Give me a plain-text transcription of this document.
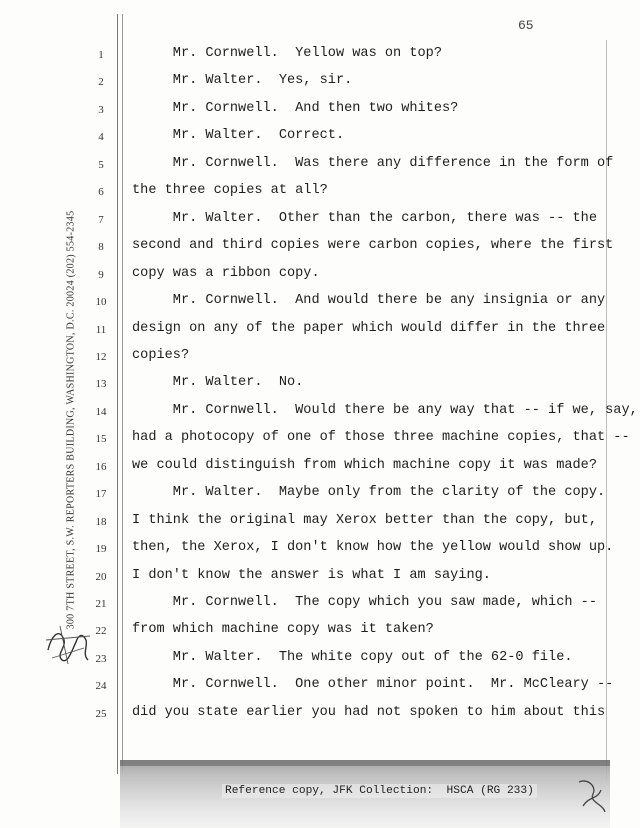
65
300 7TH STREET, S.W. REPORTERS BUILDING, WASHINGTON, D.C. 20024 (202) 554-2345
1	Mr. Cornwell.  Yellow was on top?
2	Mr. Walter.  Yes, sir.
3	Mr. Cornwell.  And then two whites?
4	Mr. Walter.  Correct.
5	Mr. Cornwell.  Was there any difference in the form of
6	the three copies at all?
7	Mr. Walter.  Other than the carbon, there was -- the
8	second and third copies were carbon copies, where the first
9	copy was a ribbon copy.
10	Mr. Cornwell.  And would there be any insignia or any
11	design on any of the paper which would differ in the three
12	copies?
13	Mr. Walter.  No.
14	Mr. Cornwell.  Would there be any way that -- if we, say,
15	had a photocopy of one of those three machine copies, that --
16	we could distinguish from which machine copy it was made?
17	Mr. Walter.  Maybe only from the clarity of the copy.
18	I think the original may Xerox better than the copy, but,
19	then, the Xerox, I don't know how the yellow would show up.
20	I don't know the answer is what I am saying.
21	Mr. Cornwell.  The copy which you saw made, which --
22	from which machine copy was it taken?
23	Mr. Walter.  The white copy out of the 62-0 file.
24	Mr. Cornwell.  One other minor point.  Mr. McCleary --
25	did you state earlier you had not spoken to him about this
Reference copy, JFK Collection:  HSCA (RG 233)
